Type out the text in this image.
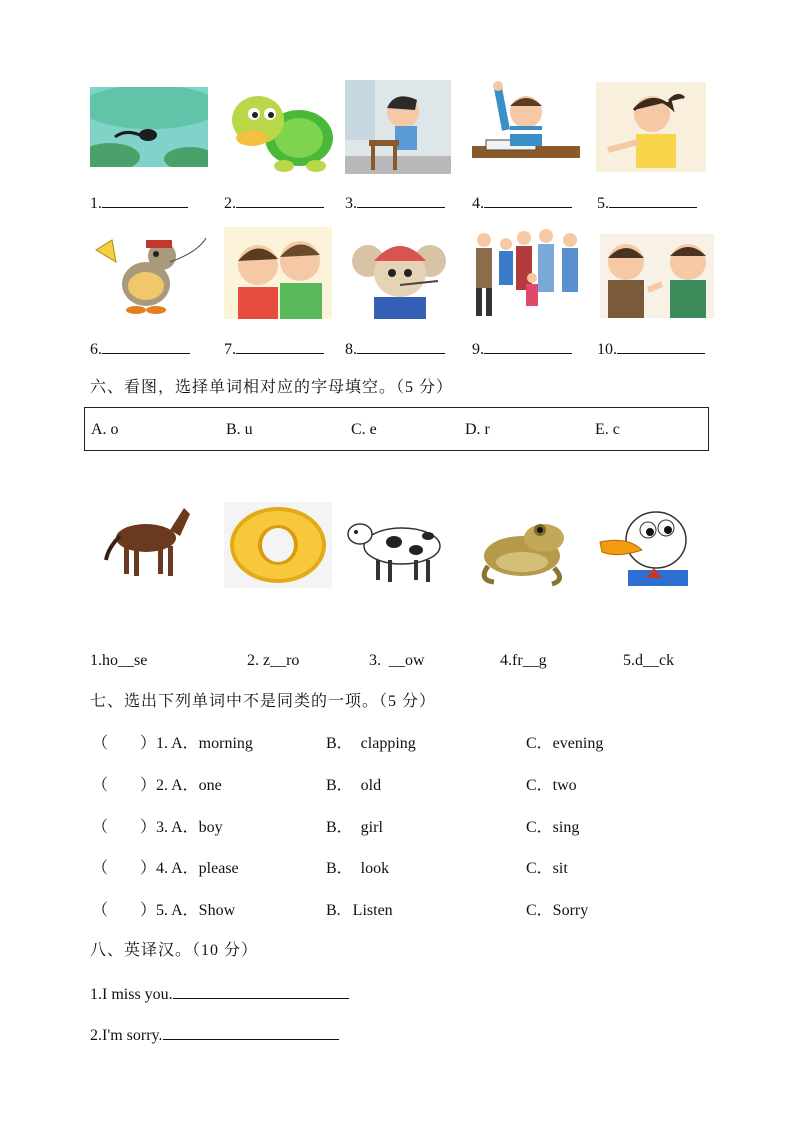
1.	2.	3.	4.	5.
6.	7.	8.	9.	10.
六、看图，选择单词相对应的字母填空。（5 分）
A. o	B. u	C. e	D. r	E. c
1.ho__se	2. z__ro	3.  __ow	4.fr__g	5.d__ck
七、选出下列单词中不是同类的一项。（5 分）
（　　） 1. A．morning	B．  clapping	C．evening
（　　） 2. A．one	B．  old	C．two
（　　） 3. A．boy	B．  girl	C．sing
（　　） 4. A．please	B．  look	C．sit
（　　） 5. A．Show	B.   Listen	C．Sorry
八、英译汉。（10 分）
1.I miss you.
2.I'm sorry.
